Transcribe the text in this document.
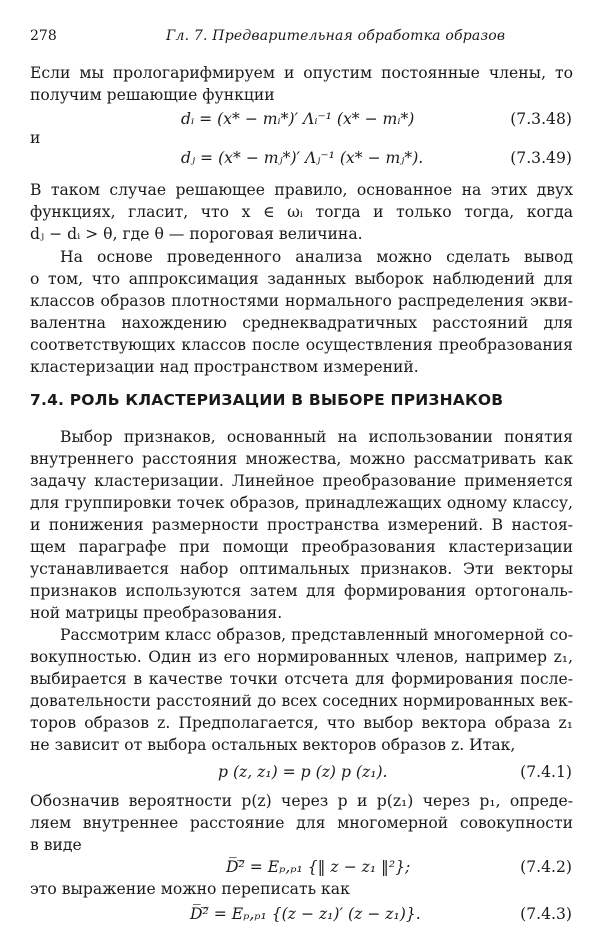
278	Гл. 7. Предварительная обработка образов
Если мы прологарифмируем и опустим постоянные члены, то
получим решающие функции
dᵢ = (x* − mᵢ*)′ Λᵢ⁻¹ (x* − mᵢ*)	(7.3.48)
и
dⱼ = (x* − mⱼ*)′ Λⱼ⁻¹ (x* − mⱼ*).	(7.3.49)
В таком случае решающее правило, основанное на этих двух
функциях, гласит, что x ∈ ωᵢ тогда и только тогда, когда
dⱼ − dᵢ > θ, где θ — пороговая величина.
На основе проведенного анализа можно сделать вывод
о том, что аппроксимация заданных выборок наблюдений для
классов образов плотностями нормального распределения экви-
валентна нахождению среднеквадратичных расстояний для
соответствующих классов после осуществления преобразования
кластеризации над пространством измерений.
7.4. РОЛЬ КЛАСТЕРИЗАЦИИ В ВЫБОРЕ ПРИЗНАКОВ
Выбор признаков, основанный на использовании понятия
внутреннего расстояния множества, можно рассматривать как
задачу кластеризации. Линейное преобразование применяется
для группировки точек образов, принадлежащих одному классу,
и понижения размерности пространства измерений. В настоя-
щем параграфе при помощи преобразования кластеризации
устанавливается набор оптимальных признаков. Эти векторы
признаков используются затем для формирования ортогональ-
ной матрицы преобразования.
Рассмотрим класс образов, представленный многомерной со-
вокупностью. Один из его нормированных членов, например z₁,
выбирается в качестве точки отсчета для формирования после-
довательности расстояний до всех соседних нормированных век-
торов образов z. Предполагается, что выбор вектора образа z₁
не зависит от выбора остальных векторов образов z. Итак,
p (z, z₁) = p (z) p (z₁).	(7.4.1)
Обозначив вероятности p(z) через p и p(z₁) через p₁, опреде-
ляем внутреннее расстояние для многомерной совокупности
в виде
D̅²̅ = Eₚ,ₚ₁ {‖ z − z₁ ‖²};	(7.4.2)
это выражение можно переписать как
D̅²̅ = Eₚ,ₚ₁ {(z − z₁)′ (z − z₁)}.	(7.4.3)
